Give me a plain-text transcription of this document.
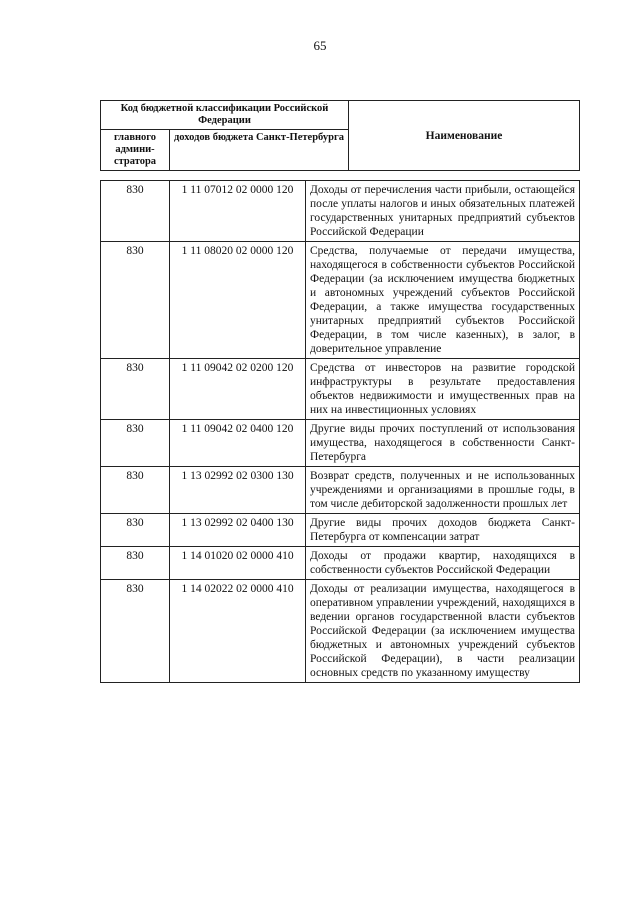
65
Код бюджетной классификации Российской Федерации		Наименование
главного админи-стратора	доходов бюджета Санкт-Петербурга	
830	1 11 07012 02 0000 120	Доходы от перечисления части прибыли, остающейся после уплаты налогов и иных обязательных платежей государственных унитарных предприятий субъектов Российской Федерации
830	1 11 08020 02 0000 120	Средства, получаемые от передачи имущества, находящегося в собственности субъектов Российской Федерации (за исключением имущества бюджетных и автономных учреждений субъектов Российской Федерации, а также имущества государственных унитарных предприятий субъектов Российской Федерации, в том числе казенных), в залог, в доверительное управление
830	1 11 09042 02 0200 120	Средства от инвесторов на развитие городской инфраструктуры в результате предоставления объектов недвижимости и имущественных прав на них на инвестиционных условиях
830	1 11 09042 02 0400 120	Другие виды прочих поступлений от использования имущества, находящегося в собственности Санкт-Петербурга
830	1 13 02992 02 0300 130	Возврат средств, полученных и не использованных учреждениями и организациями в прошлые годы, в том числе дебиторской задолженности прошлых лет
830	1 13 02992 02 0400 130	Другие виды прочих доходов бюджета Санкт-Петербурга от компенсации затрат
830	1 14 01020 02 0000 410	Доходы от продажи квартир, находящихся в собственности субъектов Российской Федерации
830	1 14 02022 02 0000 410	Доходы от реализации имущества, находящегося в оперативном управлении учреждений, находящихся в ведении органов государственной власти субъектов Российской Федерации (за исключением имущества бюджетных и автономных учреждений субъектов Российской Федерации), в части реализации основных средств по указанному имуществу
